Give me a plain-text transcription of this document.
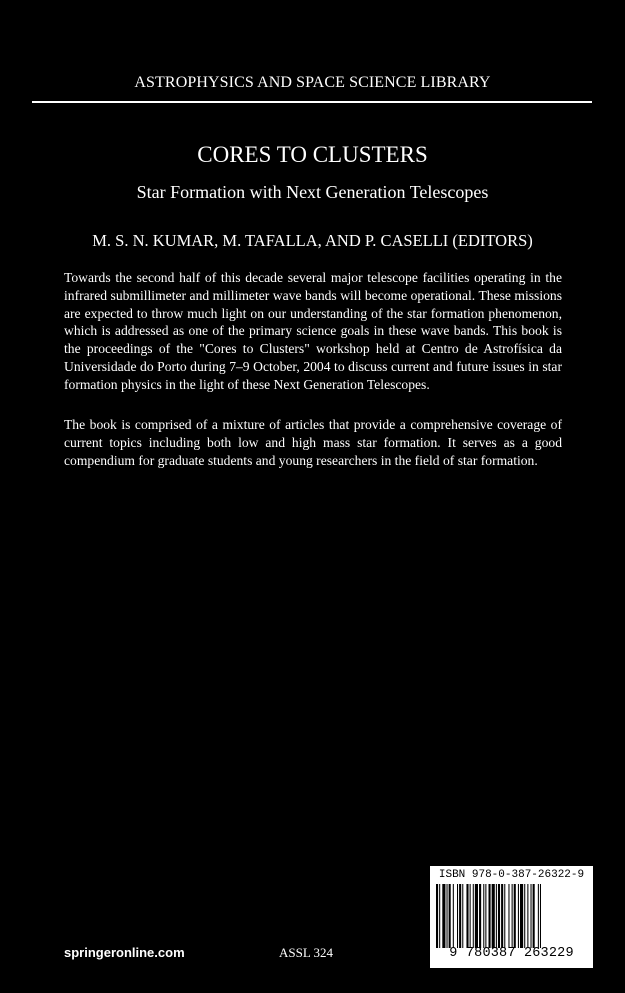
ASTROPHYSICS AND SPACE SCIENCE LIBRARY
CORES TO CLUSTERS
Star Formation with Next Generation Telescopes
M. S. N. KUMAR, M. TAFALLA, AND P. CASELLI (EDITORS)
Towards the second half of this decade several major telescope facilities operating in the infrared submillimeter and millimeter wave bands will become operational. These missions are expected to throw much light on our understanding of the star formation phenomenon, which is addressed as one of the primary science goals in these wave bands. This book is the proceedings of the "Cores to Clusters" workshop held at Centro de Astrofísica da Universidade do Porto during 7–9 October, 2004 to discuss current and future issues in star formation physics in the light of these Next Generation Telescopes.
The book is comprised of a mixture of articles that provide a comprehensive coverage of current topics including both low and high mass star formation. It serves as a good compendium for graduate students and young researchers in the field of star formation.
springeronline.com	ASSL 324
ISBN 978-0-387-26322-9
9 780387 263229
